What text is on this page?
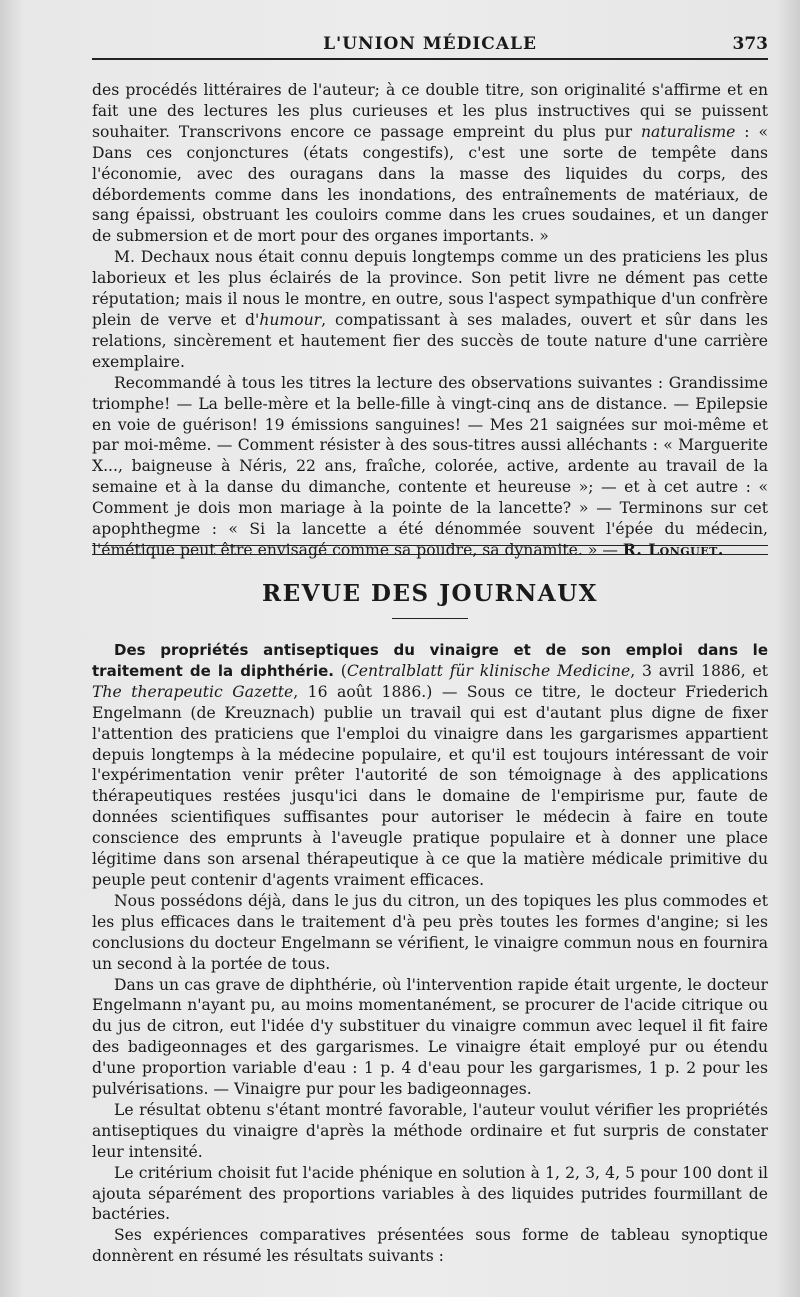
L'UNION MÉDICALE	373

des procédés littéraires de l'auteur; à ce double titre, son originalité s'affirme et en fait une des lectures les plus curieuses et les plus instructives qui se puissent souhaiter. Transcrivons encore ce passage empreint du plus pur naturalisme : « Dans ces conjonctures (états congestifs), c'est une sorte de tempête dans l'économie, avec des ouragans dans la masse des liquides du corps, des débordements comme dans les inondations, des entraînements de matériaux, de sang épaissi, obstruant les couloirs comme dans les crues soudaines, et un danger de submersion et de mort pour des organes importants. »

M. Dechaux nous était connu depuis longtemps comme un des praticiens les plus laborieux et les plus éclairés de la province. Son petit livre ne dément pas cette réputation; mais il nous le montre, en outre, sous l'aspect sympathique d'un confrère plein de verve et d'humour, compatissant à ses malades, ouvert et sûr dans les relations, sincèrement et hautement fier des succès de toute nature d'une carrière exemplaire.

Recommandé à tous les titres la lecture des observations suivantes : Grandissime triomphe! — La belle-mère et la belle-fille à vingt-cinq ans de distance. — Epilepsie en voie de guérison! 19 émissions sanguines! — Mes 21 saignées sur moi-même et par moi-même. — Comment résister à des sous-titres aussi alléchants : « Marguerite X..., baigneuse à Néris, 22 ans, fraîche, colorée, active, ardente au travail de la semaine et à la danse du dimanche, contente et heureuse »; — et à cet autre : « Comment je dois mon mariage à la pointe de la lancette? » — Terminons sur cet apophthegme : « Si la lancette a été dénommée souvent l'épée du médecin, l'émétique peut être envisagé comme sa poudre, sa dynamite. » — R. Longuet.

REVUE DES JOURNAUX

Des propriétés antiseptiques du vinaigre et de son emploi dans le traitement de la diphthérie. (Centralblatt für klinische Medicine, 3 avril 1886, et The therapeutic Gazette, 16 août 1886.) — Sous ce titre, le docteur Friederich Engelmann (de Kreuznach) publie un travail qui est d'autant plus digne de fixer l'attention des praticiens que l'emploi du vinaigre dans les gargarismes appartient depuis longtemps à la médecine populaire, et qu'il est toujours intéressant de voir l'expérimentation venir prêter l'autorité de son témoignage à des applications thérapeutiques restées jusqu'ici dans le domaine de l'empirisme pur, faute de données scientifiques suffisantes pour autoriser le médecin à faire en toute conscience des emprunts à l'aveugle pratique populaire et à donner une place légitime dans son arsenal thérapeutique à ce que la matière médicale primitive du peuple peut contenir d'agents vraiment efficaces.

Nous possédons déjà, dans le jus du citron, un des topiques les plus commodes et les plus efficaces dans le traitement d'à peu près toutes les formes d'angine; si les conclusions du docteur Engelmann se vérifient, le vinaigre commun nous en fournira un second à la portée de tous.

Dans un cas grave de diphthérie, où l'intervention rapide était urgente, le docteur Engelmann n'ayant pu, au moins momentanément, se procurer de l'acide citrique ou du jus de citron, eut l'idée d'y substituer du vinaigre commun avec lequel il fit faire des badigeonnages et des gargarismes. Le vinaigre était employé pur ou étendu d'une proportion variable d'eau : 1 p. 4 d'eau pour les gargarismes, 1 p. 2 pour les pulvérisations. — Vinaigre pur pour les badigeonnages.

Le résultat obtenu s'étant montré favorable, l'auteur voulut vérifier les propriétés antiseptiques du vinaigre d'après la méthode ordinaire et fut surpris de constater leur intensité.

Le critérium choisit fut l'acide phénique en solution à 1, 2, 3, 4, 5 pour 100 dont il ajouta séparément des proportions variables à des liquides putrides fourmillant de bactéries.

Ses expériences comparatives présentées sous forme de tableau synoptique donnèrent en résumé les résultats suivants :
